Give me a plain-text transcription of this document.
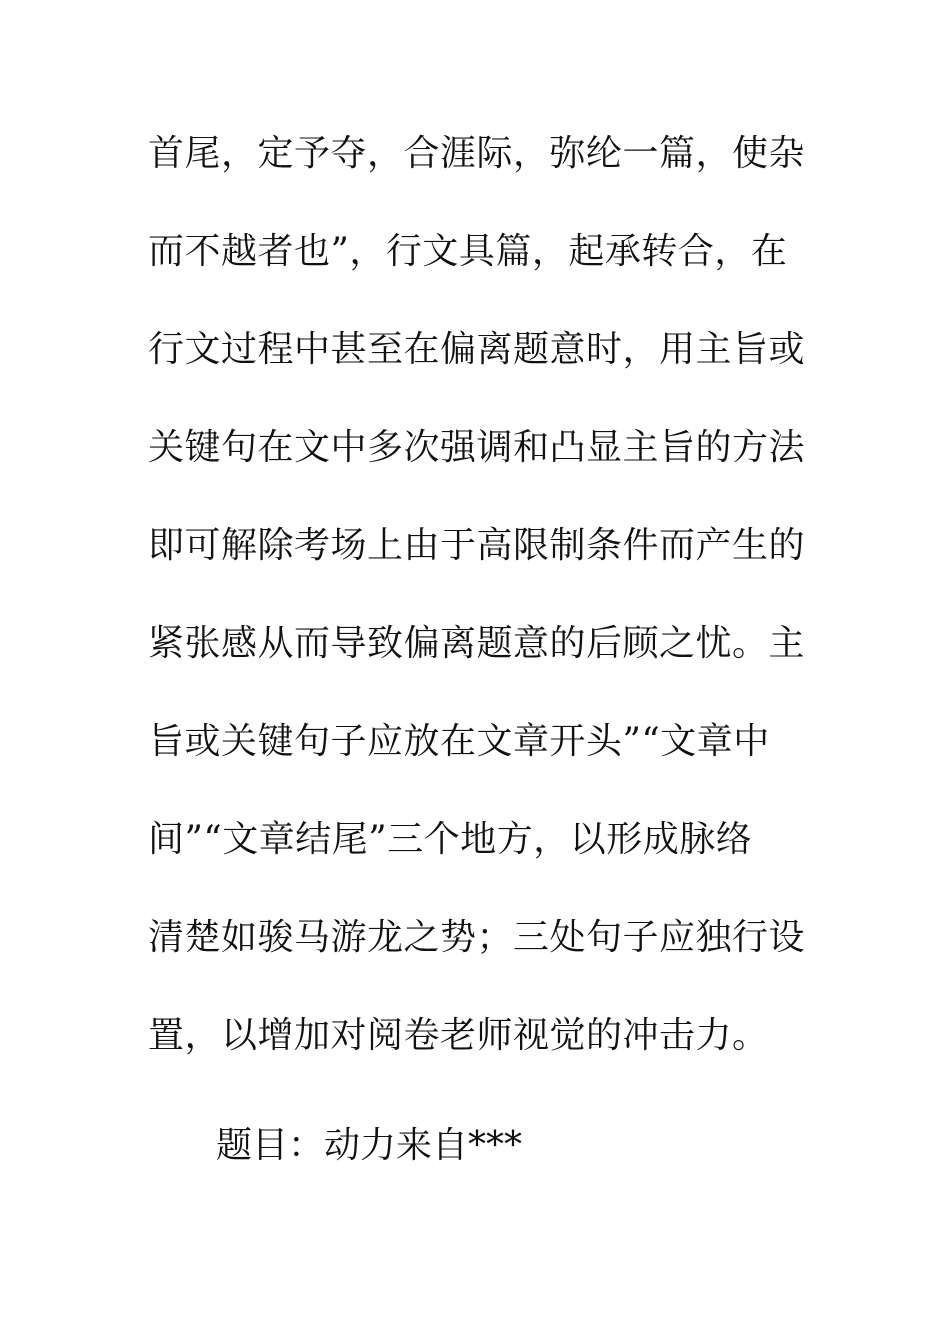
首尾，定予夺，合涯际，弥纶一篇，使杂
而不越者也”，行文具篇，起承转合，在
行文过程中甚至在偏离题意时，用主旨或
关键句在文中多次强调和凸显主旨的方法
即可解除考场上由于高限制条件而产生的
紧张感从而导致偏离题意的后顾之忧。主
旨或关键句子应放在文章开头”“文章中
间”“文章结尾”三个地方，以形成脉络
清楚如骏马游龙之势；三处句子应独行设
置，以增加对阅卷老师视觉的冲击力。
题目：动力来自***
